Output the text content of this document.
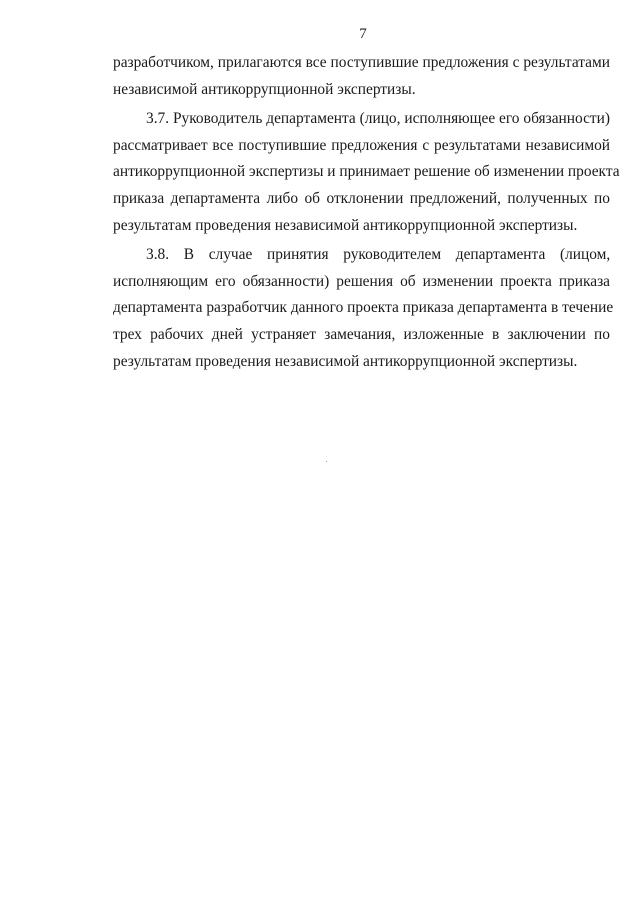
7
разработчиком, прилагаются все поступившие предложения с результатами
независимой антикоррупционной экспертизы.
3.7. Руководитель департамента (лицо, исполняющее его обязанности)
рассматривает все поступившие предложения с результатами независимой
антикоррупционной экспертизы и принимает решение об изменении проекта
приказа департамента либо об отклонении предложений, полученных по
результатам проведения независимой антикоррупционной экспертизы.
3.8. В случае принятия руководителем департамента (лицом,
исполняющим его обязанности) решения об изменении проекта приказа
департамента разработчик данного проекта приказа департамента в течение
трех рабочих дней устраняет замечания, изложенные в заключении по
результатам проведения независимой антикоррупционной экспертизы.
